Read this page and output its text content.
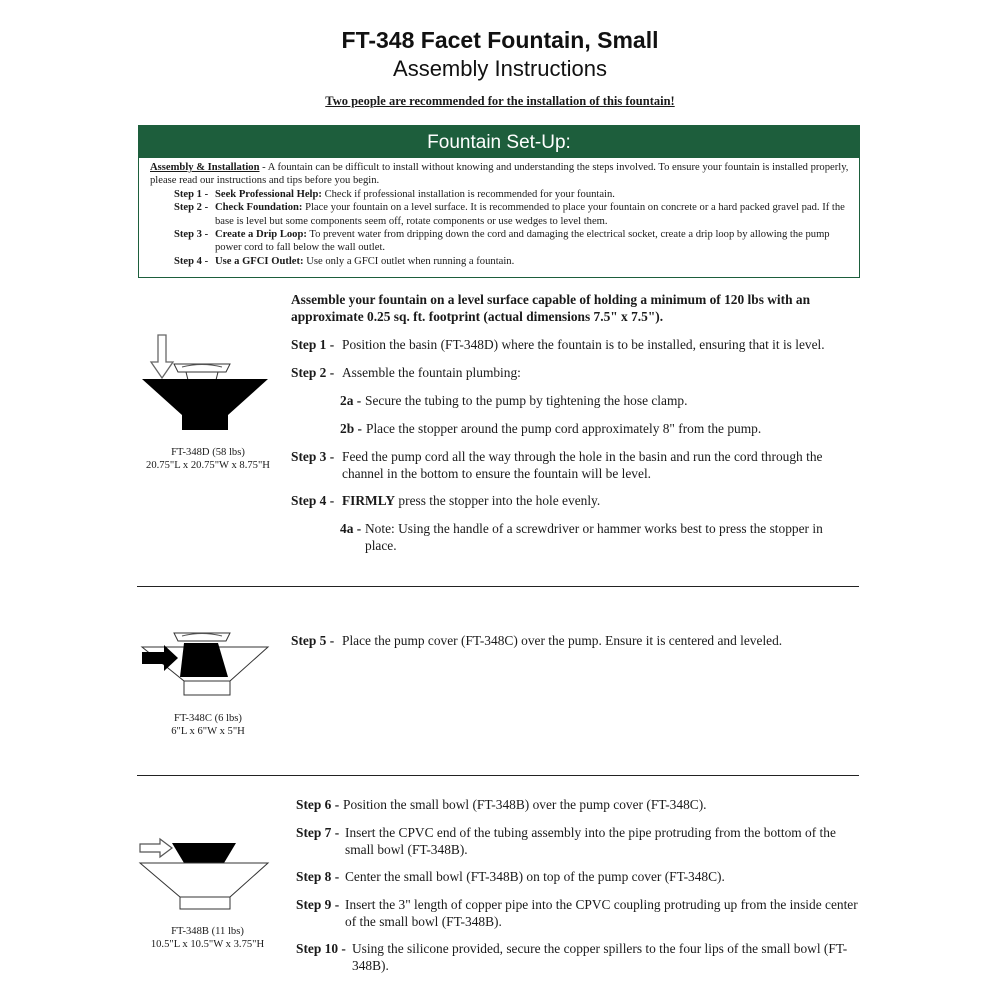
FT-348 Facet Fountain, Small
Assembly Instructions
Two people are recommended for the installation of this fountain!
Fountain Set-Up:
Assembly & Installation - A fountain can be difficult to install without knowing and understanding the steps involved. To ensure your fountain is installed properly, please read our instructions and tips before you begin.
Step 1 - Seek Professional Help: Check if professional installation is recommended for your fountain.
Step 2 - Check Foundation: Place your fountain on a level surface. It is recommended to place your fountain on concrete or a hard packed gravel pad. If the base is level but some components seem off, rotate components or use wedges to level them.
Step 3 - Create a Drip Loop: To prevent water from dripping down the cord and damaging the electrical socket, create a drip loop by allowing the pump power cord to fall below the wall outlet.
Step 4 - Use a GFCI Outlet: Use only a GFCI outlet when running a fountain.
Assemble your fountain on a level surface capable of holding a minimum of 120 lbs with an approximate 0.25 sq. ft. footprint (actual dimensions 7.5" x 7.5").
FT-348D (58 lbs)
20.75"L x 20.75"W x 8.75"H
Step 1 - Position the basin (FT-348D) where the fountain is to be installed, ensuring that it is level.
Step 2 - Assemble the fountain plumbing:
2a - Secure the tubing to the pump by tightening the hose clamp.
2b - Place the stopper around the pump cord approximately 8" from the pump.
Step 3 - Feed the pump cord all the way through the hole in the basin and run the cord through the channel in the bottom to ensure the fountain will be level.
Step 4 - FIRMLY press the stopper into the hole evenly.
4a - Note: Using the handle of a screwdriver or hammer works best to press the stopper in place.
FT-348C (6 lbs)
6"L x 6"W x 5"H
Step 5 - Place the pump cover (FT-348C) over the pump. Ensure it is centered and leveled.
FT-348B (11 lbs)
10.5"L x 10.5"W x 3.75"H
Step 6 - Position the small bowl (FT-348B) over the pump cover (FT-348C).
Step 7 - Insert the CPVC end of the tubing assembly into the pipe protruding from the bottom of the small bowl (FT-348B).
Step 8 - Center the small bowl (FT-348B) on top of the pump cover (FT-348C).
Step 9 - Insert the 3" length of copper pipe into the CPVC coupling protruding up from the inside center of the small bowl (FT-348B).
Step 10 - Using the silicone provided, secure the copper spillers to the four lips of the small bowl (FT-348B).
